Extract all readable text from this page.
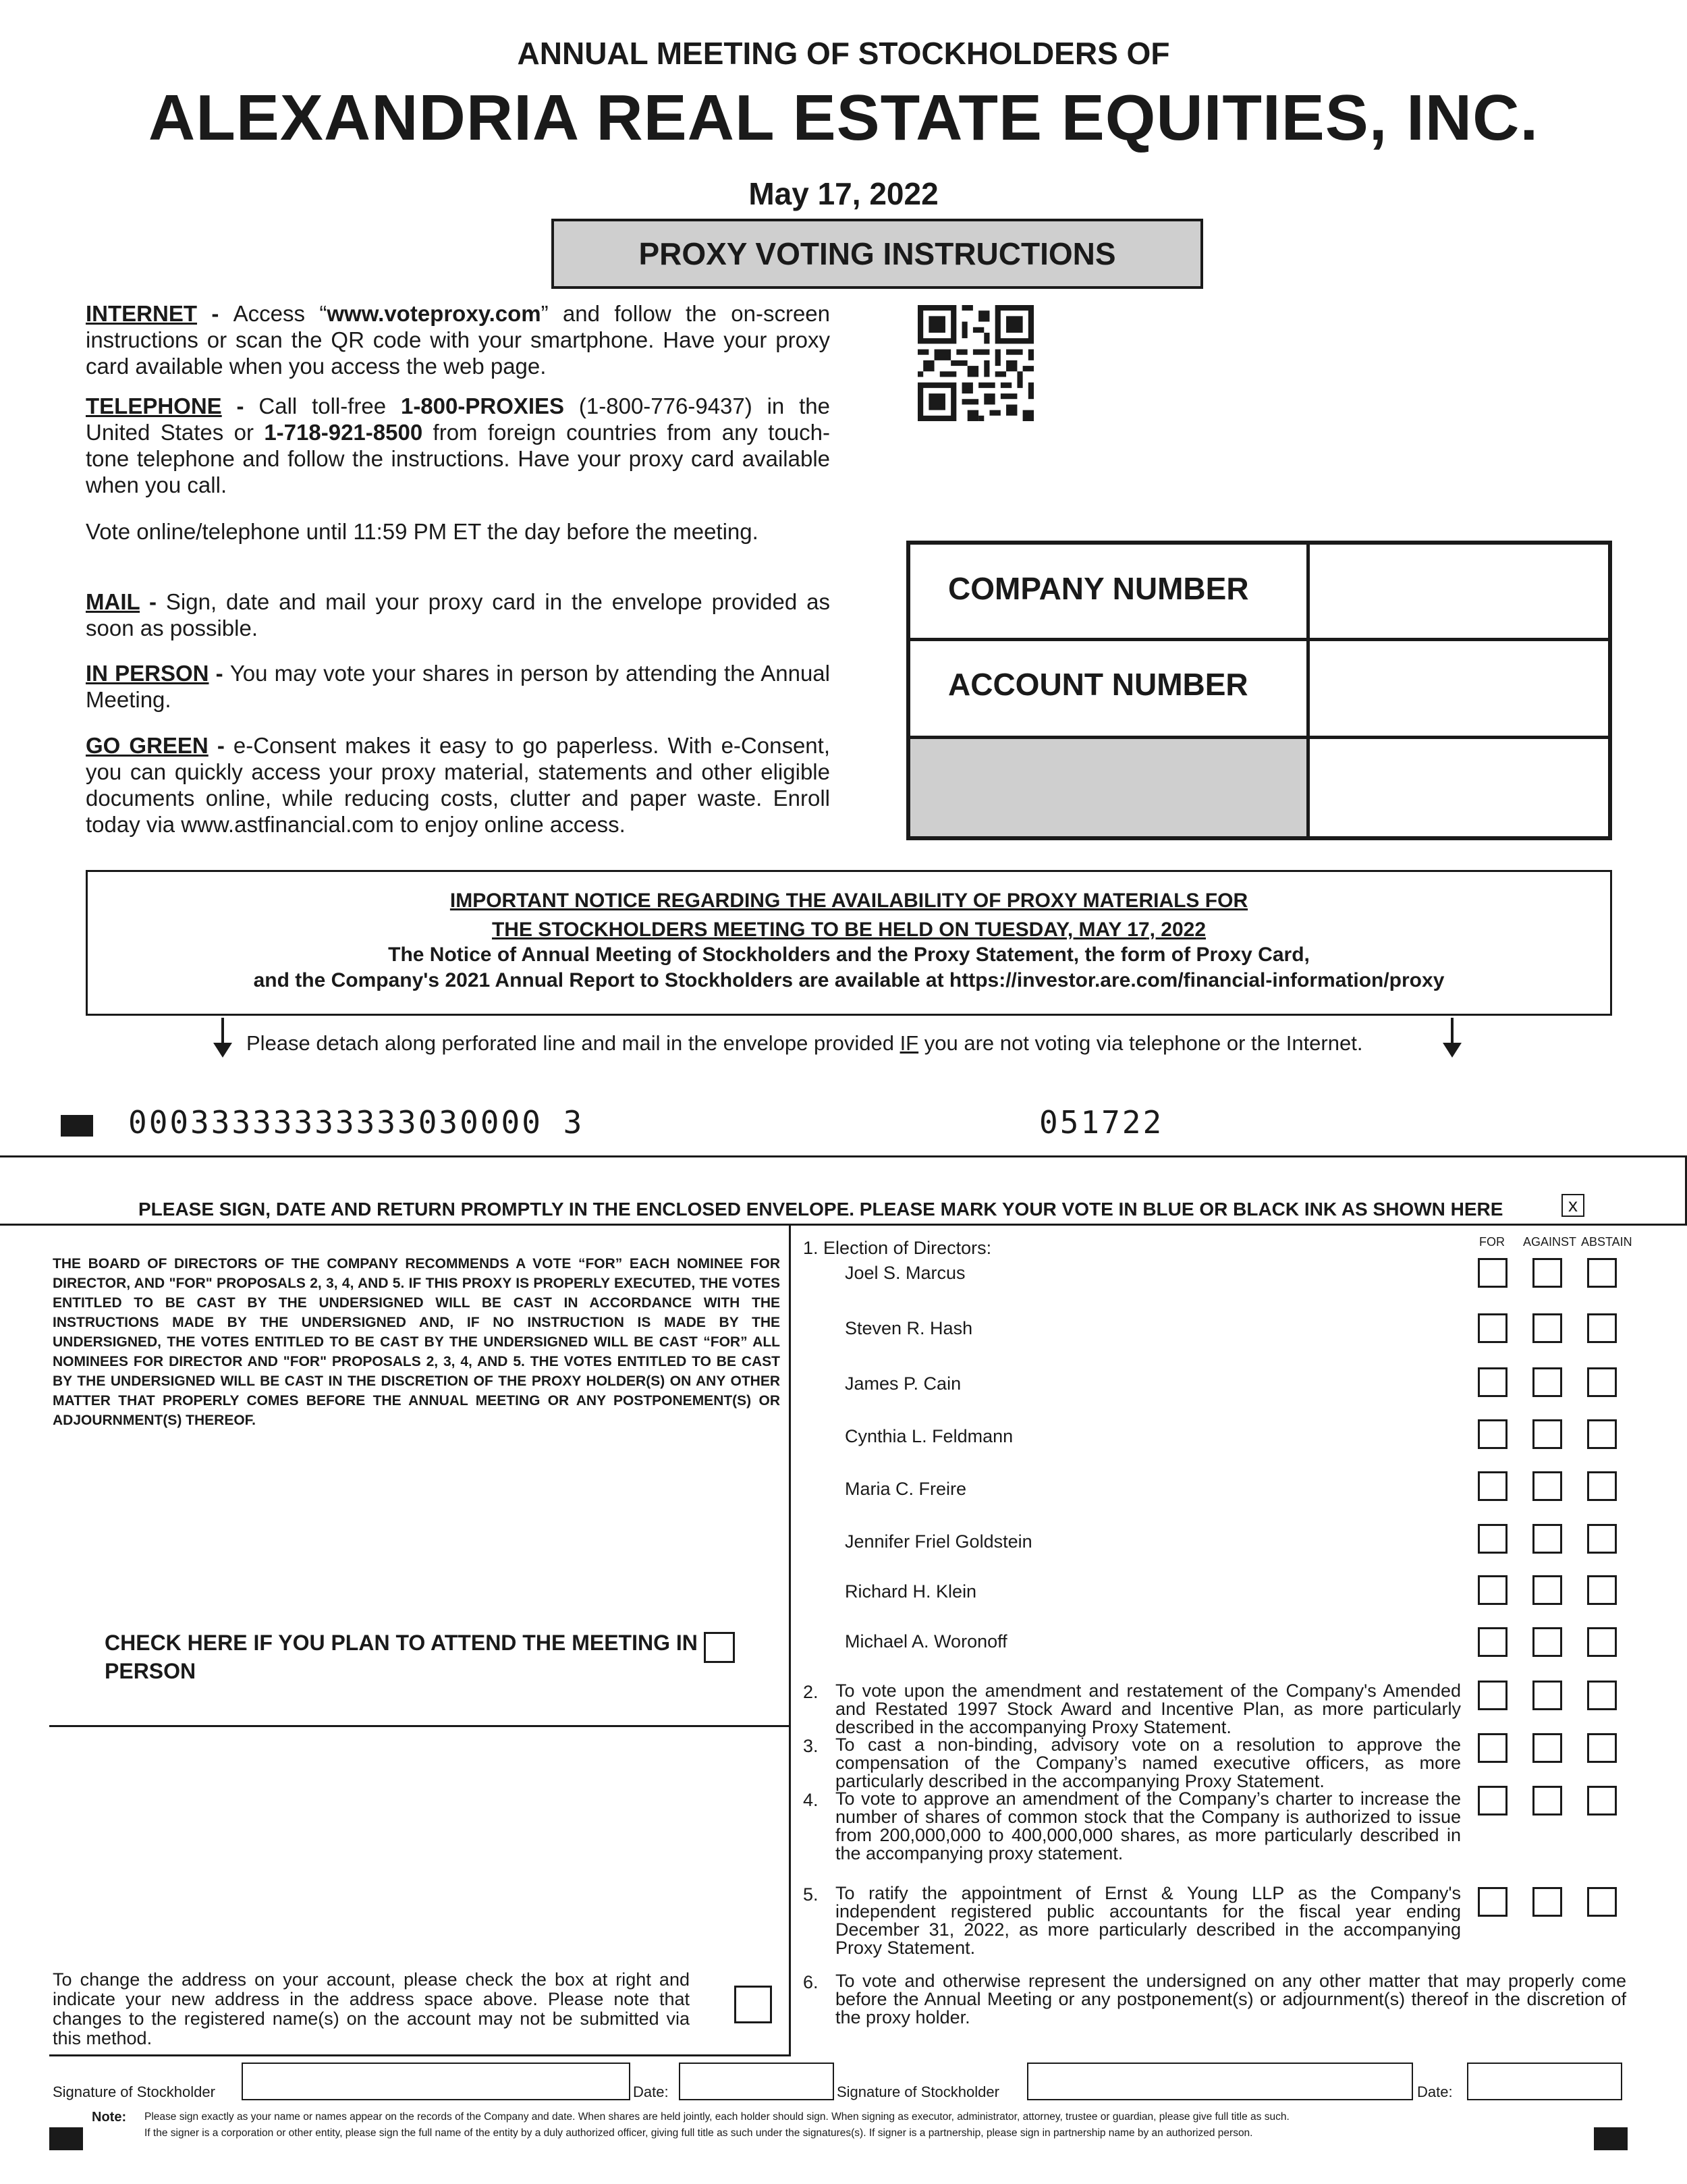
ANNUAL MEETING OF STOCKHOLDERS OF
ALEXANDRIA REAL ESTATE EQUITIES, INC.
May 17, 2022
PROXY VOTING INSTRUCTIONS
INTERNET - Access “www.voteproxy.com” and follow the on-screen instructions or scan the QR code with your smartphone. Have your proxy card available when you access the web page.
TELEPHONE - Call toll-free 1-800-PROXIES (1-800-776-9437) in the United States or 1-718-921-8500 from foreign countries from any touch-tone telephone and follow the instructions. Have your proxy card available when you call.
Vote online/telephone until 11:59 PM ET the day before the meeting.
MAIL - Sign, date and mail your proxy card in the envelope provided as soon as possible.
IN PERSON - You may vote your shares in person by attending the Annual Meeting.
GO GREEN - e-Consent makes it easy to go paperless. With e-Consent, you can quickly access your proxy material, statements and other eligible documents online, while reducing costs, clutter and paper waste. Enroll today via www.astfinancial.com to enjoy online access.
COMPANY NUMBER
ACCOUNT NUMBER
IMPORTANT NOTICE REGARDING THE AVAILABILITY OF PROXY MATERIALS FOR
THE STOCKHOLDERS MEETING TO BE HELD ON TUESDAY, MAY 17, 2022
The Notice of Annual Meeting of Stockholders and the Proxy Statement, the form of Proxy Card,
and the Company's 2021 Annual Report to Stockholders are available at https://investor.are.com/financial-information/proxy
Please detach along perforated line and mail in the envelope provided IF you are not voting via telephone or the Internet.
00033333333333030000 3	051722
PLEASE SIGN, DATE AND RETURN PROMPTLY IN THE ENCLOSED ENVELOPE. PLEASE MARK YOUR VOTE IN BLUE OR BLACK INK AS SHOWN HERE	x
THE BOARD OF DIRECTORS OF THE COMPANY RECOMMENDS A VOTE “FOR” EACH NOMINEE FOR DIRECTOR, AND "FOR" PROPOSALS 2, 3, 4, AND 5. IF THIS PROXY IS PROPERLY EXECUTED, THE VOTES ENTITLED TO BE CAST BY THE UNDERSIGNED WILL BE CAST IN ACCORDANCE WITH THE INSTRUCTIONS MADE BY THE UNDERSIGNED AND, IF NO INSTRUCTION IS MADE BY THE UNDERSIGNED, THE VOTES ENTITLED TO BE CAST BY THE UNDERSIGNED WILL BE CAST “FOR” ALL NOMINEES FOR DIRECTOR AND "FOR" PROPOSALS 2, 3, 4, AND 5. THE VOTES ENTITLED TO BE CAST BY THE UNDERSIGNED WILL BE CAST IN THE DISCRETION OF THE PROXY HOLDER(S) ON ANY OTHER MATTER THAT PROPERLY COMES BEFORE THE ANNUAL MEETING OR ANY POSTPONEMENT(S) OR ADJOURNMENT(S) THEREOF.
CHECK HERE IF YOU PLAN TO ATTEND THE MEETING IN PERSON
To change the address on your account, please check the box at right and indicate your new address in the address space above. Please note that changes to the registered name(s) on the account may not be submitted via this method.
FOR AGAINST ABSTAIN
1. Election of Directors:
Joel S. Marcus
Steven R. Hash
James P. Cain
Cynthia L. Feldmann
Maria C. Freire
Jennifer Friel Goldstein
Richard H. Klein
Michael A. Woronoff
2. To vote upon the amendment and restatement of the Company's Amended and Restated 1997 Stock Award and Incentive Plan, as more particularly described in the accompanying Proxy Statement.
3. To cast a non-binding, advisory vote on a resolution to approve the compensation of the Company’s named executive officers, as more particularly described in the accompanying Proxy Statement.
4. To vote to approve an amendment of the Company’s charter to increase the number of shares of common stock that the Company is authorized to issue from 200,000,000 to 400,000,000 shares, as more particularly described in the accompanying proxy statement.
5. To ratify the appointment of Ernst & Young LLP as the Company's independent registered public accountants for the fiscal year ending December 31, 2022, as more particularly described in the accompanying Proxy Statement.
6. To vote and otherwise represent the undersigned on any other matter that may properly come before the Annual Meeting or any postponement(s) or adjournment(s) thereof in the discretion of the proxy holder.
Signature of Stockholder	Date:	Signature of Stockholder	Date:
Note: Please sign exactly as your name or names appear on the records of the Company and date. When shares are held jointly, each holder should sign. When signing as executor, administrator, attorney, trustee or guardian, please give full title as such.
If the signer is a corporation or other entity, please sign the full name of the entity by a duly authorized officer, giving full title as such under the signatures(s). If signer is a partnership, please sign in partnership name by an authorized person.
